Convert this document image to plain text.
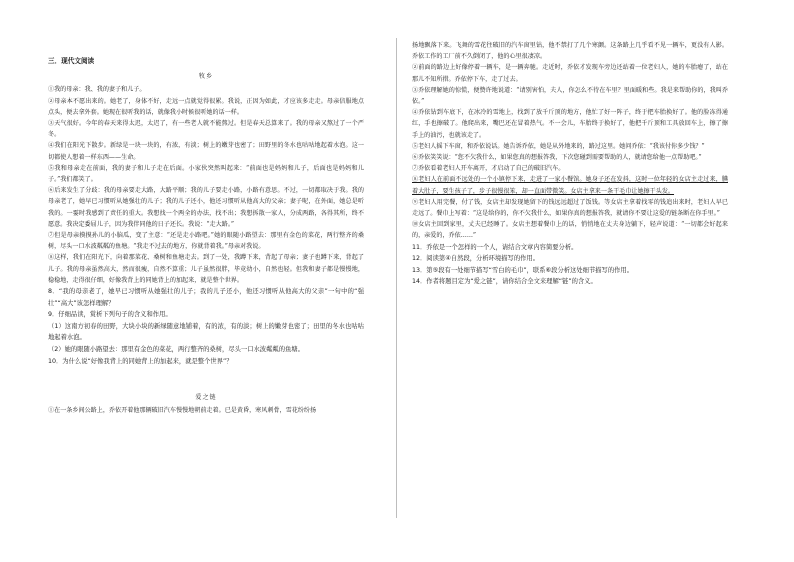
三．现代文阅读
牧乡

①我的母亲：我、我的妻子和儿子。

②母亲本不愿出来的。她老了，身体不好，走远一点就觉得很累。我说，正因为如此，才应该多走走。母亲信服地点点头，便去拿外套。她现在很听我的话，就像我小时候很听她的话一样。

③天气很好。今年的春天来得太迟，太迟了，有一些老人就不能熬过。但是春天总算来了。我的母亲又熬过了一个严冬。

④我们在阳光下散步。新绿是一块一块的，有浓，有淡；树上的嫩芽也密了；田野里的冬水也咕咕地起着水泡。这一切都使人想着一样东西——生命。

⑤我和母亲走在前面，我的妻子和儿子走在后面。小家伙突然叫起来：“前面也是妈妈和儿子，后面也是妈妈和儿子。”我们都笑了。

⑥后来发生了分歧：我的母亲要走大路，大路平顺；我的儿子要走小路，小路有意思。不过，一切都取决于我。我的母亲老了，她早已习惯听从她强壮的儿子；我的儿子还小，他还习惯听从他高大的父亲；妻子呢，在外面，她总是听我的。一霎时我感到了责任的重大。我想找一个两全的办法，找不出；我想拆散一家人，分成两路，各得其所，终不愿意。我决定委屈儿子，因为我伴同他的日子还长。我说：“走大路。”

⑦但是母亲摸摸孙儿的小脑瓜，变了主意：“还是走小路吧。”她的眼随小路望去：那里有金色的菜花，两行整齐的桑树，尽头一口水波粼粼的鱼塘。“我走不过去的地方，你就背着我。”母亲对我说。

⑧这样，我们在阳光下，向着那菜花、桑树和鱼塘走去。到了一处，我蹲下来，背起了母亲；妻子也蹲下来，背起了儿子。我的母亲虽然高大，然而很瘦，自然不算重；儿子虽然很胖，毕竟幼小，自然也轻。但我和妻子都是慢慢地，稳稳地，走得很仔细，好像我背上的同她背上的加起来，就是整个世界。

8．“我的母亲老了，她早已习惯听从她强壮的儿子；我的儿子还小，他还习惯听从他高大的父亲”一句中的“强壮”“高大”该怎样理解？

9．仔细品读，赏析下列句子的含义和作用。

（1）这南方初春的田野，大块小块的新绿随意地铺着，有的浓，有的淡；树上的嫩芽也密了；田里的冬水也咕咕地起着水泡。

（2）她的眼随小路望去：那里有金色的菜花，两行整齐的桑树，尽头一口水波粼粼的鱼塘。

10．为什么说“好像我背上的同她背上的加起来，就是整个世界”？

爱之链

①在一条乡间公路上，乔依开着他那辆破旧汽车慢慢地朝前走着。已是黄昏，寒风刺骨，雪花纷纷扬

扬地飘落下来。飞舞的雪花往破旧的汽车窗里钻，他不禁打了几个寒颤。这条路上几乎看不见一辆车，更没有人影。乔依工作的工厂前不久倒闭了，他的心里很凄凉。

②前面的路边上好像停着一辆车，是一辆奔驰。走近时，乔依才发现车旁边还站着一位老妇人，她的车胎瘪了，站在那儿不知所措。乔依停下车，走了过去。

③乔依理解她的惊慌，便赞许地说道：“请别害怕，夫人，你怎么不待在车里？里面暖和些。我是来帮助你的，我叫乔依。”

④乔依钻到车底下，在冰冷的雪地上，找到了放千斤顶的地方，他忙了好一阵子，终于把车胎换好了。他的脸冻得通红，手也擦破了。他爬出来，嘴巴还在冒着热气。不一会儿，车胎终于换好了，他把千斤顶和工具放回车上，擦了擦手上的油污，也就该走了。

⑤老妇人摇下车窗，和乔依说话。她告诉乔依，她是从外地来的，路过这里。她问乔依：“我该付你多少钱？”

⑥乔依笑笑说：“您不欠我什么，如果您真的想报答我，下次您碰到需要帮助的人，就请您给他一点帮助吧。”

⑦乔依看着老妇人开车离开，才启动了自己的破旧汽车。

⑧老妇人在前面不远处的一个小镇停下来，走进了一家小餐馆。她身子还在发抖，这时一位年轻的女店主走过来，腆着大肚子，要生孩子了，步子很慢很笨，却一直面带微笑。女店主拿来一条干毛巾让她擦干头发。

⑨老妇人用完餐，付了钱，女店主却发现她留下的钱远远超过了饭钱。等女店主拿着找零的钱追出来时，老妇人早已走远了。餐巾上写着：“这是给你的，你不欠我什么，如果你真的想报答我，就请你不要让这爱的链条断在你手里。”

⑩女店主回到家里，丈夫已经睡了。女店主想着餐巾上的话，悄悄地在丈夫身边躺下，轻声说道：“一切都会好起来的，亲爱的，乔依……”

11．乔依是一个怎样的一个人，请结合文章内容简要分析。

12．阅读第④自然段，分析环境描写的作用。

13．第⑤段有一处细节描写“雪白的毛巾”，联系⑥段分析这处细节描写的作用。

14．作者将题目定为“爱之链”，请你结合全文来理解“链”的含义。
